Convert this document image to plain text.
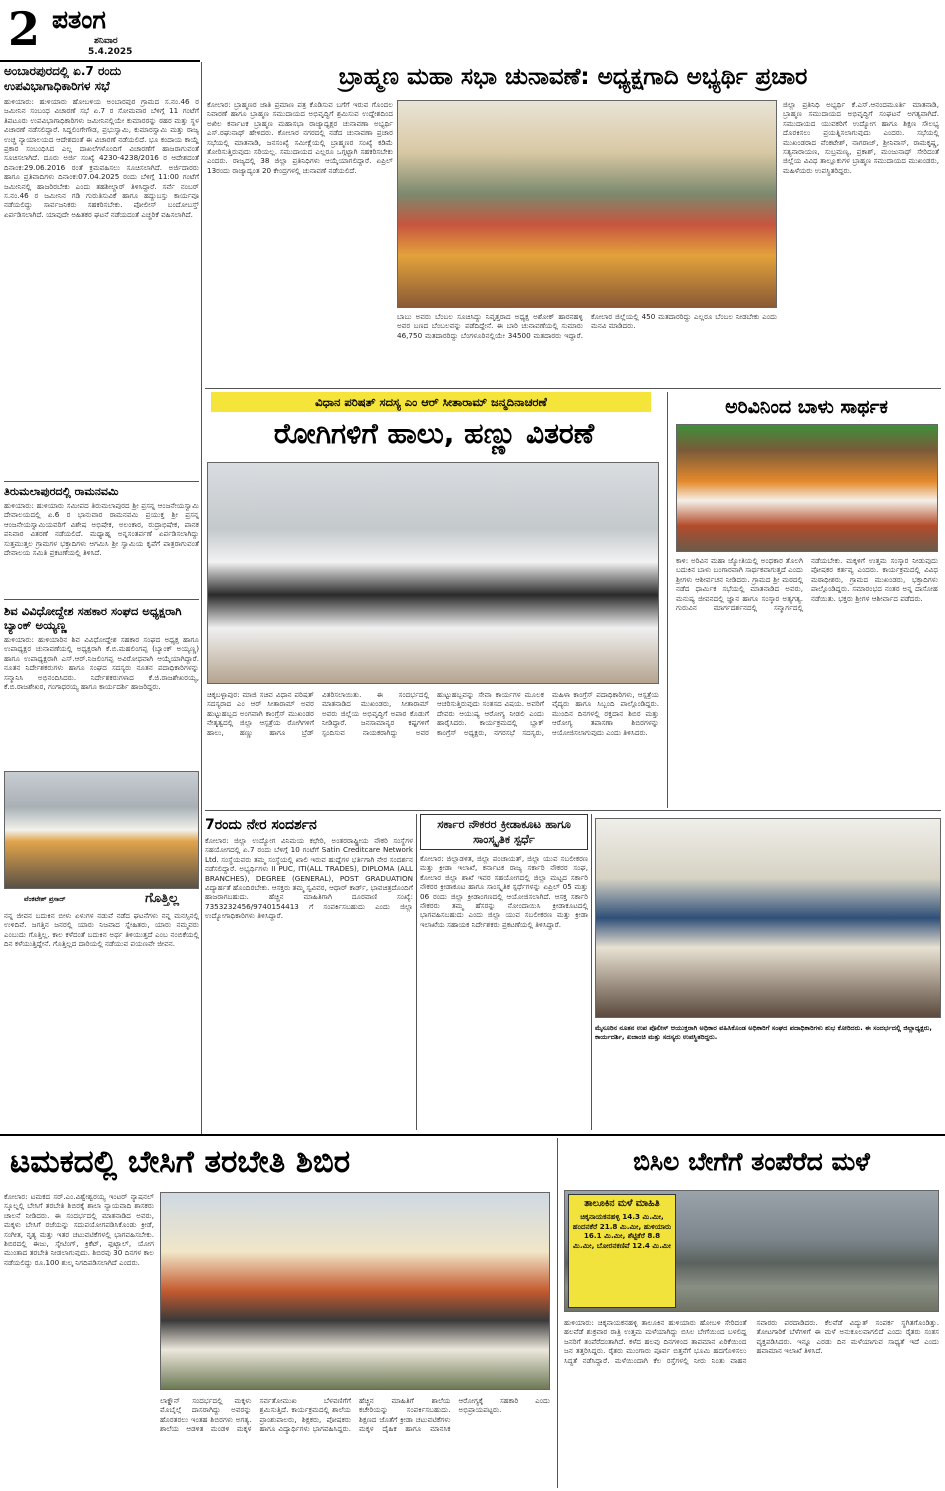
2 ಪತಂಗ
ಶನಿವಾರ
5.4.2025
ಅಂಬಾರಪುರದಲ್ಲಿ ಏ.7 ರಂದು ಉಪವಿಭಾಗಾಧಿಕಾರಿಗಳ ಸಭೆ
ಹುಳಿಯಾರು: ಹುಳಿಯಾರು ಹೋಬಳಿಯ ಅಂಬಾರಪುರ ಗ್ರಾಮದ ಸ.ನಂ.46 ರ ಜಮೀನಿನ ಸಂಬಂಧ ವಿಚಾರಣೆ ಸಭೆ ಏ.7 ರ ಸೋಮವಾರ ಬೆಳಿಗ್ಗೆ 11 ಗಂಟೆಗೆ ತಿಪಟೂರು ಉಪವಿಭಾಗಾಧಿಕಾರಿಗಳು ಜಮೀನಿನಲ್ಲಿಯೇ ಕುಮಾರರನ್ನು ಠಹರ ಮತ್ತು ಸ್ಥಳ ವಿಚಾರಣೆ ನಡೆಸಲಿದ್ದಾರೆ. ಸಿದ್ದಲಿಂಗೇಗೌಡ, ಪ್ರಭುಸ್ವಾಮಿ, ಕುಮಾರಸ್ವಾಮಿ ಮತ್ತು ರಾಜ್ಯ ಉಚ್ಚ ನ್ಯಾಯಾಲಯದ ಆದೇಶದಂತೆ ಈ ವಿಚಾರಣೆ ನಡೆಯಲಿದೆ. ಭೂ ಕಂದಾಯ ಕಾಯ್ದೆ ಪ್ರಕಾರ ಸಂಬಂಧಿಸಿದ ಎಲ್ಲ ದಾಖಲೆಗಳೊಂದಿಗೆ ವಿಚಾರಣೆಗೆ ಹಾಜರಾಗುವಂತೆ ಸೂಚಿಸಲಾಗಿದೆ. ದೂರು ಅರ್ಜಿ ಸಂಖ್ಯೆ 4230-4238/2016 ರ ಆದೇಶದಂತೆ ದಿನಾಂಕ:29.06.2016 ರಂತೆ ಕ್ರಮವಹಿಸಲು ಸೂಚಿಸಲಾಗಿದೆ. ಅರ್ಜಿದಾರರು ಹಾಗೂ ಪ್ರತಿವಾದಿಗಳು ದಿನಾಂಕ:07.04.2025 ರಂದು ಬೆಳಿಗ್ಗೆ 11:00 ಗಂಟೆಗೆ ಜಮೀನಿನಲ್ಲಿ ಹಾಜರಿರಬೇಕು ಎಂದು ತಹಶೀಲ್ದಾರ್ ತಿಳಿಸಿದ್ದಾರೆ. ಸರ್ವೆ ನಂಬರ್ ಸ.ನಂ.46 ರ ಜಮೀನಿನ ಗಡಿ ಗುರುತಿಸುವಿಕೆ ಹಾಗೂ ಹದ್ದುಬಸ್ತು ಕಾರ್ಯವೂ ನಡೆಯಲಿದ್ದು ಸಾರ್ವಜನಿಕರು ಸಹಕರಿಸಬೇಕು. ಪೋಲೀಸ್ ಬಂದೋಬಸ್ತ್ ಏರ್ಪಡಿಸಲಾಗಿದೆ. ಯಾವುದೇ ಅಹಿತಕರ ಘಟನೆ ನಡೆಯದಂತೆ ಎಚ್ಚರಿಕೆ ವಹಿಸಲಾಗಿದೆ.
ತಿರುಮಲಾಪುರದಲ್ಲಿ ರಾಮನವಮಿ
ಹುಳಿಯಾರು: ಹುಳಿಯಾರು ಸಮೀಪದ ತಿರುಮಲಾಪುರದ ಶ್ರೀ ಪ್ರಸನ್ನ ಆಂಜನೇಯಸ್ವಾಮಿ ದೇವಾಲಯದಲ್ಲಿ ಏ.6 ರ ಭಾನುವಾರ ರಾಮನವಮಿ ಪ್ರಯುಕ್ತ ಶ್ರೀ ಪ್ರಸನ್ನ ಆಂಜನೇಯಸ್ವಾಮಿಯವರಿಗೆ ವಿಶೇಷ ಅಭಿಷೇಕ, ಅಲಂಕಾರ, ರುದ್ರಾಭಿಷೇಕ, ಪಾನಕ ಪನಿವಾರ ವಿತರಣೆ ನಡೆಯಲಿದೆ. ಮಧ್ಯಾಹ್ನ ಅನ್ನಸಂತರ್ಪಣೆ ಏರ್ಪಡಿಸಲಾಗಿದ್ದು ಸುತ್ತಮುತ್ತಲ ಗ್ರಾಮಗಳ ಭಕ್ತಾದಿಗಳು ಆಗಮಿಸಿ ಶ್ರೀ ಸ್ವಾಮಿಯ ಕೃಪೆಗೆ ಪಾತ್ರರಾಗುವಂತೆ ದೇವಾಲಯ ಸಮಿತಿ ಪ್ರಕಟಣೆಯಲ್ಲಿ ತಿಳಿಸಿದೆ.
ಶಿವ ವಿವಿಧೋದ್ದೇಶ ಸಹಕಾರ ಸಂಘದ ಅಧ್ಯಕ್ಷರಾಗಿ ಬ್ಯಾಂಕ್ ಅಯ್ಯಣ್ಣ
ಹುಳಿಯಾರು: ಹುಳಿಯಾರಿನ ಶಿವ ವಿವಿಧೋದ್ದೇಶ ಸಹಕಾರ ಸಂಘದ ಅಧ್ಯಕ್ಷ ಹಾಗೂ ಉಪಾಧ್ಯಕ್ಷರ ಚುನಾವಣೆಯಲ್ಲಿ ಅಧ್ಯಕ್ಷರಾಗಿ ಕೆ.ಬಿ.ಮಹಲಿಂಗಪ್ಪ (ಬ್ಯಾಂಕ್ ಅಯ್ಯಣ್ಣ) ಹಾಗೂ ಉಪಾಧ್ಯಕ್ಷರಾಗಿ ಎಸ್.ಆರ್.ನಿಜಲಿಂಗಪ್ಪ ಅವಿರೋಧವಾಗಿ ಆಯ್ಕೆಯಾಗಿದ್ದಾರೆ. ನೂತನ ನಿರ್ದೇಶಕರುಗಳು ಹಾಗೂ ಸಂಘದ ಸದಸ್ಯರು ನೂತನ ಪದಾಧಿಕಾರಿಗಳನ್ನು ಸನ್ಮಾನಿಸಿ ಅಭಿನಂದಿಸಿದರು. ನಿರ್ದೇಶಕರುಗಳಾದ ಕೆ.ಜಿ.ರಾಜಶೇಖರಯ್ಯ, ಕೆ.ಬಿ.ರಾಜಶೇಖರ, ಗಂಗಾಧರಯ್ಯ ಹಾಗೂ ಕಾರ್ಯದರ್ಶಿ ಹಾಜರಿದ್ದರು.
ವೆಂಕಟೇಶ್ ಪ್ರಸಾದ್	ಗೊತ್ತಿಲ್ಲ
ನನ್ನ ಜೀವನ ಬದುಕಿನ ಬೀಳು ಏಳುಗಳ ನಡುವೆ ನಡೆದ ಘಟನೆಗಳು ನನ್ನ ಮನಸ್ಸಿನಲ್ಲಿ ಉಳಿದಿವೆ. ಜಗತ್ತಿನ ಜನರಲ್ಲಿ ಯಾರು ನಿಜವಾದ ಸ್ನೇಹಿತರು, ಯಾರು ನಮ್ಮವರು ಎಂಬುದು ಗೊತ್ತಿಲ್ಲ. ಕಾಲ ಕಳೆದಂತೆ ಬದುಕಿನ ಅರ್ಥ ತಿಳಿಯುತ್ತದೆ ಎಂಬ ನಂಬಿಕೆಯಲ್ಲಿ ದಿನ ಕಳೆಯುತ್ತಿದ್ದೇನೆ. ಗೊತ್ತಿಲ್ಲದ ದಾರಿಯಲ್ಲಿ ನಡೆಯುವ ಪಯಣವೇ ಜೀವನ.
ಬ್ರಾಹ್ಮಣ ಮಹಾ ಸಭಾ ಚುನಾವಣೆ: ಅಧ್ಯಕ್ಷಗಾದಿ ಅಭ್ಯರ್ಥಿ ಪ್ರಚಾರ
ಕೋಲಾರ: ಬ್ರಾಹ್ಮಣರ ಜಾತಿ ಪ್ರಮಾಣ ಪತ್ರ ಕೊಡಿಸುವ ಬಗೆಗೆ ಇರುವ ಗೊಂದಲ ನಿವಾರಣೆ ಹಾಗೂ ಬ್ರಾಹ್ಮಣ ಸಮುದಾಯದ ಅಭಿವೃದ್ಧಿಗೆ ಶ್ರಮಿಸುವ ಉದ್ದೇಶದಿಂದ ಅಖಿಲ ಕರ್ನಾಟಕ ಬ್ರಾಹ್ಮಣ ಮಹಾಸಭಾ ರಾಜ್ಯಾಧ್ಯಕ್ಷರ ಚುನಾವಣಾ ಅಭ್ಯರ್ಥಿ ಎಸ್.ರಘುನಾಥ್ ಹೇಳಿದರು. ಕೋಲಾರ ನಗರದಲ್ಲಿ ನಡೆದ ಚುನಾವಣಾ ಪ್ರಚಾರ ಸಭೆಯಲ್ಲಿ ಮಾತನಾಡಿ, ಜನಸಂಖ್ಯೆ ಸಮೀಕ್ಷೆಯಲ್ಲಿ ಬ್ರಾಹ್ಮಣರ ಸಂಖ್ಯೆ ಕಡಿಮೆ ತೋರಿಸುತ್ತಿರುವುದು ಸರಿಯಲ್ಲ. ಸಮುದಾಯದ ಎಲ್ಲರೂ ಒಗ್ಗಟ್ಟಾಗಿ ಸಹಕರಿಸಬೇಕು ಎಂದರು. ರಾಜ್ಯದಲ್ಲಿ 38 ಜಿಲ್ಲಾ ಪ್ರತಿನಿಧಿಗಳು ಆಯ್ಕೆಯಾಗಲಿದ್ದಾರೆ. ಏಪ್ರಿಲ್ 13ರಂದು ರಾಜ್ಯಾದ್ಯಂತ 20 ಕೇಂದ್ರಗಳಲ್ಲಿ ಚುನಾವಣೆ ನಡೆಯಲಿದೆ.
ಬಾಬು ಅವರು ಬೆಂಬಲ ಸೂಚಿಸಿದ್ದು ನಿವೃತ್ತರಾದ ಅಧ್ಯಕ್ಷ ಅಶೋಕ್ ಹಾರನಹಳ್ಳಿ ಅವರ ಬಣದ ಬೆಂಬಲವನ್ನು ಪಡೆದಿದ್ದೇನೆ. ಈ ಬಾರಿ ಚುನಾವಣೆಯಲ್ಲಿ ಸುಮಾರು 46,750 ಮತದಾರರಿದ್ದು ಬೆಂಗಳೂರಿನಲ್ಲಿಯೇ 34500 ಮತದಾರರು ಇದ್ದಾರೆ. ಕೋಲಾರ ಜಿಲ್ಲೆಯಲ್ಲಿ 450 ಮತದಾರರಿದ್ದು ಎಲ್ಲರೂ ಬೆಂಬಲ ನೀಡಬೇಕು ಎಂದು ಮನವಿ ಮಾಡಿದರು.
ಜಿಲ್ಲಾ ಪ್ರತಿನಿಧಿ ಅಭ್ಯರ್ಥಿ ಕೆ.ಎಸ್.ಆನಂದಮೂರ್ತಿ ಮಾತನಾಡಿ, ಬ್ರಾಹ್ಮಣ ಸಮುದಾಯದ ಅಭಿವೃದ್ಧಿಗೆ ಸಂಘಟನೆ ಅಗತ್ಯವಾಗಿದೆ. ಸಮುದಾಯದ ಯುವಕರಿಗೆ ಉದ್ಯೋಗ ಹಾಗೂ ಶಿಕ್ಷಣ ಸೌಲಭ್ಯ ದೊರಕಿಸಲು ಪ್ರಯತ್ನಿಸಲಾಗುವುದು ಎಂದರು. ಸಭೆಯಲ್ಲಿ ಮುಖಂಡರಾದ ವೆಂಕಟೇಶ್, ನಾಗರಾಜ್, ಶ್ರೀನಿವಾಸ್, ರಾಮಕೃಷ್ಣ, ಸತ್ಯನಾರಾಯಣ, ಸುಬ್ರಮಣ್ಯ, ಪ್ರಕಾಶ್, ಮಂಜುನಾಥ್ ಸೇರಿದಂತೆ ಜಿಲ್ಲೆಯ ವಿವಿಧ ತಾಲ್ಲೂಕುಗಳ ಬ್ರಾಹ್ಮಣ ಸಮುದಾಯದ ಮುಖಂಡರು, ಮಹಿಳೆಯರು ಉಪಸ್ಥಿತರಿದ್ದರು.
ವಿಧಾನ ಪರಿಷತ್ ಸದಸ್ಯ ಎಂ ಆರ್ ಸೀತಾರಾಮ್ ಜನ್ಮದಿನಾಚರಣೆ
ರೋಗಿಗಳಿಗೆ ಹಾಲು, ಹಣ್ಣು ವಿತರಣೆ
ಚಿಕ್ಕಬಳ್ಳಾಪುರ: ಮಾಜಿ ಸಚಿವ ವಿಧಾನ ಪರಿಷತ್ ಸದಸ್ಯರಾದ ಎಂ ಆರ್ ಸೀತಾರಾಮ್ ಅವರ ಹುಟ್ಟುಹಬ್ಬದ ಅಂಗವಾಗಿ ಕಾಂಗ್ರೆಸ್ ಮುಖಂಡರ ನೇತೃತ್ವದಲ್ಲಿ ಜಿಲ್ಲಾ ಆಸ್ಪತ್ರೆಯ ರೋಗಿಗಳಿಗೆ ಹಾಲು, ಹಣ್ಣು ಹಾಗೂ ಬ್ರೆಡ್ ವಿತರಿಸಲಾಯಿತು. ಈ ಸಂದರ್ಭದಲ್ಲಿ ಮಾತನಾಡಿದ ಮುಖಂಡರು, ಸೀತಾರಾಮ್ ಅವರು ಜಿಲ್ಲೆಯ ಅಭಿವೃದ್ಧಿಗೆ ಅಪಾರ ಕೊಡುಗೆ ನೀಡಿದ್ದಾರೆ. ಜನಸಾಮಾನ್ಯರ ಕಷ್ಟಗಳಿಗೆ ಸ್ಪಂದಿಸುವ ನಾಯಕರಾಗಿದ್ದು ಅವರ ಹುಟ್ಟುಹಬ್ಬವನ್ನು ಸೇವಾ ಕಾರ್ಯಗಳ ಮೂಲಕ ಆಚರಿಸುತ್ತಿರುವುದು ಸಂತಸದ ವಿಷಯ. ಅವರಿಗೆ ದೇವರು ಆಯುಷ್ಯ ಆರೋಗ್ಯ ನೀಡಲಿ ಎಂದು ಹಾರೈಸಿದರು. ಕಾರ್ಯಕ್ರಮದಲ್ಲಿ ಬ್ಲಾಕ್ ಕಾಂಗ್ರೆಸ್ ಅಧ್ಯಕ್ಷರು, ನಗರಸಭೆ ಸದಸ್ಯರು, ಮಹಿಳಾ ಕಾಂಗ್ರೆಸ್ ಪದಾಧಿಕಾರಿಗಳು, ಆಸ್ಪತ್ರೆಯ ವೈದ್ಯರು ಹಾಗೂ ಸಿಬ್ಬಂದಿ ಪಾಲ್ಗೊಂಡಿದ್ದರು. ಮುಂದಿನ ದಿನಗಳಲ್ಲಿ ರಕ್ತದಾನ ಶಿಬಿರ ಮತ್ತು ಆರೋಗ್ಯ ತಪಾಸಣಾ ಶಿಬಿರಗಳನ್ನು ಆಯೋಜಿಸಲಾಗುವುದು ಎಂದು ತಿಳಿಸಿದರು.
ಅರಿವಿನಿಂದ ಬಾಳು ಸಾರ್ಥಕ
ಕಾಳಿ: ಅರಿವಿನ ಮಹಾ ಜ್ಯೋತಿಯಲ್ಲಿ ಅಂಧಕಾರ ತೊಲಗಿ ಬದುಕಿನ ಬಾಳು ಬಂಗಾರವಾಗಿ ಸಾರ್ಥಕವಾಗುತ್ತದೆ ಎಂದು ಶ್ರೀಗಳು ಆಶೀರ್ವಚನ ನೀಡಿದರು. ಗ್ರಾಮದ ಶ್ರೀ ಮಠದಲ್ಲಿ ನಡೆದ ಧಾರ್ಮಿಕ ಸಭೆಯಲ್ಲಿ ಮಾತನಾಡಿದ ಅವರು, ಮನುಷ್ಯ ಜೀವನದಲ್ಲಿ ಜ್ಞಾನ ಹಾಗೂ ಸಂಸ್ಕಾರ ಅತ್ಯಗತ್ಯ. ಗುರುವಿನ ಮಾರ್ಗದರ್ಶನದಲ್ಲಿ ಸನ್ಮಾರ್ಗದಲ್ಲಿ ನಡೆಯಬೇಕು. ಮಕ್ಕಳಿಗೆ ಉತ್ತಮ ಸಂಸ್ಕಾರ ನೀಡುವುದು ಪೋಷಕರ ಕರ್ತವ್ಯ ಎಂದರು. ಕಾರ್ಯಕ್ರಮದಲ್ಲಿ ವಿವಿಧ ಮಠಾಧೀಶರು, ಗ್ರಾಮದ ಮುಖಂಡರು, ಭಕ್ತಾದಿಗಳು ಪಾಲ್ಗೊಂಡಿದ್ದರು. ಸಮಾರಂಭದ ನಂತರ ಅನ್ನ ದಾಸೋಹ ನಡೆಯಿತು. ಭಕ್ತರು ಶ್ರೀಗಳ ಆಶೀರ್ವಾದ ಪಡೆದರು.
7ರಂದು ನೇರ ಸಂದರ್ಶನ
ಕೋಲಾರ: ಜಿಲ್ಲಾ ಉದ್ಯೋಗ ವಿನಿಮಯ ಕಛೇರಿ, ಅಂತರರಾಷ್ಟ್ರೀಯ ನೌಕರಿ ಸಂಸ್ಥೆಗಳ ಸಹಯೋಗದಲ್ಲಿ ಏ.7 ರಂದು ಬೆಳಿಗ್ಗೆ 10 ಗಂಟೆಗೆ Satin Creditcare Network Ltd. ಸಂಸ್ಥೆಯವರು ತಮ್ಮ ಸಂಸ್ಥೆಯಲ್ಲಿ ಖಾಲಿ ಇರುವ ಹುದ್ದೆಗಳ ಭರ್ತಿಗಾಗಿ ನೇರ ಸಂದರ್ಶನ ನಡೆಸಲಿದ್ದಾರೆ. ಅಭ್ಯರ್ಥಿಗಳು II PUC, ITI(ALL TRADES), DIPLOMA (ALL BRANCHES), DEGREE (GENERAL), POST GRADUATION ವಿದ್ಯಾರ್ಹತೆ ಹೊಂದಿರಬೇಕು. ಆಸಕ್ತರು ತಮ್ಮ ಸ್ವವಿವರ, ಆಧಾರ್ ಕಾರ್ಡ್, ಭಾವಚಿತ್ರದೊಂದಿಗೆ ಹಾಜರಾಗಬಹುದು. ಹೆಚ್ಚಿನ ಮಾಹಿತಿಗಾಗಿ ದೂರವಾಣಿ ಸಂಖ್ಯೆ: 7353232456/9740154413 ಗೆ ಸಂಪರ್ಕಿಸಬಹುದು ಎಂದು ಜಿಲ್ಲಾ ಉದ್ಯೋಗಾಧಿಕಾರಿಗಳು ತಿಳಿಸಿದ್ದಾರೆ.
ಸರ್ಕಾರ ನೌಕರರ ಕ್ರೀಡಾಕೂಟ ಹಾಗೂ ಸಾಂಸ್ಕೃತಿಕ ಸ್ಪರ್ಧೆ
ಕೋಲಾರ: ಜಿಲ್ಲಾಡಳಿತ, ಜಿಲ್ಲಾ ಪಂಚಾಯತ್, ಜಿಲ್ಲಾ ಯುವ ಸಬಲೀಕರಣ ಮತ್ತು ಕ್ರೀಡಾ ಇಲಾಖೆ, ಕರ್ನಾಟಕ ರಾಜ್ಯ ಸರ್ಕಾರಿ ನೌಕರರ ಸಂಘ, ಕೋಲಾರ ಜಿಲ್ಲಾ ಶಾಖೆ ಇವರ ಸಹಯೋಗದಲ್ಲಿ ಜಿಲ್ಲಾ ಮಟ್ಟದ ಸರ್ಕಾರಿ ನೌಕರರ ಕ್ರೀಡಾಕೂಟ ಹಾಗೂ ಸಾಂಸ್ಕೃತಿಕ ಸ್ಪರ್ಧೆಗಳನ್ನು ಏಪ್ರಿಲ್ 05 ಮತ್ತು 06 ರಂದು ಜಿಲ್ಲಾ ಕ್ರೀಡಾಂಗಣದಲ್ಲಿ ಆಯೋಜಿಸಲಾಗಿದೆ. ಆಸಕ್ತ ಸರ್ಕಾರಿ ನೌಕರರು ತಮ್ಮ ಹೆಸರನ್ನು ನೋಂದಾಯಿಸಿ ಕ್ರೀಡಾಕೂಟದಲ್ಲಿ ಭಾಗವಹಿಸಬಹುದು ಎಂದು ಜಿಲ್ಲಾ ಯುವ ಸಬಲೀಕರಣ ಮತ್ತು ಕ್ರೀಡಾ ಇಲಾಖೆಯ ಸಹಾಯಕ ನಿರ್ದೇಶಕರು ಪ್ರಕಟಣೆಯಲ್ಲಿ ತಿಳಿಸಿದ್ದಾರೆ.
ಮೈಸೂರಿನ ನೂತನ ಉಪ ಪೊಲೀಸ್ ಆಯುಕ್ತರಾಗಿ ಅಧಿಕಾರ ವಹಿಸಿಕೊಂಡ ಅಧಿಕಾರಿಗೆ ಸಂಘದ ಪದಾಧಿಕಾರಿಗಳು ಶುಭ ಕೋರಿದರು. ಈ ಸಂದರ್ಭದಲ್ಲಿ ಜಿಲ್ಲಾಧ್ಯಕ್ಷರು, ಕಾರ್ಯದರ್ಶಿ, ಖಜಾಂಚಿ ಮತ್ತು ಸದಸ್ಯರು ಉಪಸ್ಥಿತರಿದ್ದರು.
ಟಮಕದಲ್ಲಿ ಬೇಸಿಗೆ ತರಬೇತಿ ಶಿಬಿರ
ಕೋಲಾರ: ಟಮಕದ ಸರ್.ಎಂ.ವಿಶ್ವೇಶ್ವರಯ್ಯ ಇಂಟರ್ ನ್ಯಾಷನಲ್ ಸ್ಕೂಲ್ನಲ್ಲಿ ಬೇಸಿಗೆ ತರಬೇತಿ ಶಿಬಿರಕ್ಕೆ ಶಾಲಾ ನ್ಯಾಯವಾದಿ ಶಾಸಕರು ಚಾಲನೆ ನೀಡಿದರು. ಈ ಸಂದರ್ಭದಲ್ಲಿ ಮಾತನಾಡಿದ ಅವರು, ಮಕ್ಕಳು ಬೇಸಿಗೆ ರಜೆಯನ್ನು ಸದುಪಯೋಗಪಡಿಸಿಕೊಂಡು ಕ್ರೀಡೆ, ಸಂಗೀತ, ನೃತ್ಯ ಮತ್ತು ಇತರ ಚಟುವಟಿಕೆಗಳಲ್ಲಿ ಭಾಗವಹಿಸಬೇಕು. ಶಿಬಿರದಲ್ಲಿ ಈಜು, ಸ್ಕೇಟಿಂಗ್, ಕ್ರಿಕೆಟ್, ಫುಟ್ಬಾಲ್, ಯೋಗ ಮುಂತಾದ ತರಬೇತಿ ನೀಡಲಾಗುವುದು. ಶಿಬಿರವು 30 ದಿನಗಳ ಕಾಲ ನಡೆಯಲಿದ್ದು ರೂ.100 ಶುಲ್ಕ ನಿಗದಿಪಡಿಸಲಾಗಿದೆ ಎಂದರು.
ಲಾಕ್ಡೌನ್ ಸಂದರ್ಭದಲ್ಲಿ ಮಕ್ಕಳು ಮೊಬೈಲ್ಗೆ ದಾಸರಾಗಿದ್ದು ಅವರನ್ನು ಹೊರತರಲು ಇಂತಹ ಶಿಬಿರಗಳು ಅಗತ್ಯ. ಶಾಲೆಯ ಆಡಳಿತ ಮಂಡಳಿ ಮಕ್ಕಳ ಸರ್ವತೋಮುಖ ಬೆಳವಣಿಗೆಗೆ ಶ್ರಮಿಸುತ್ತಿದೆ. ಕಾರ್ಯಕ್ರಮದಲ್ಲಿ ಶಾಲೆಯ ಪ್ರಾಂಶುಪಾಲರು, ಶಿಕ್ಷಕರು, ಪೋಷಕರು ಹಾಗೂ ವಿದ್ಯಾರ್ಥಿಗಳು ಭಾಗವಹಿಸಿದ್ದರು. ಹೆಚ್ಚಿನ ಮಾಹಿತಿಗೆ ಶಾಲೆಯ ಕಚೇರಿಯನ್ನು ಸಂಪರ್ಕಿಸಬಹುದು. ಶಿಕ್ಷಣದ ಜೊತೆಗೆ ಕ್ರೀಡಾ ಚಟುವಟಿಕೆಗಳು ಮಕ್ಕಳ ದೈಹಿಕ ಹಾಗೂ ಮಾನಸಿಕ ಆರೋಗ್ಯಕ್ಕೆ ಸಹಕಾರಿ ಎಂದು ಅಭಿಪ್ರಾಯಪಟ್ಟರು.
ಬಿಸಿಲ ಬೇಗೆಗೆ ತಂಪೆರೆದ ಮಳೆ
ತಾಲೂಕಿನ ಮಳೆ ಮಾಹಿತಿ
ಚಿಕ್ಕನಾಯಕನಹಳ್ಳಿ 14.3 ಮಿ.ಮೀ, ಹಂದನಕೆರೆ 21.8 ಮಿ.ಮೀ, ಹುಳಿಯಾರು 16.1 ಮಿ.ಮೀ, ಶೆಟ್ಟಿಕೆರೆ 8.8 ಮಿ.ಮೀ, ಬೋರನಕಣಿವೆ 12.4 ಮಿ.ಮೀ
ಹುಳಿಯಾರು: ಚಿಕ್ಕನಾಯಕನಹಳ್ಳಿ ತಾಲೂಕಿನ ಹುಳಿಯಾರು ಹೋಬಳಿ ಸೇರಿದಂತೆ ಹಲವೆಡೆ ಶುಕ್ರವಾರ ರಾತ್ರಿ ಉತ್ತಮ ಮಳೆಯಾಗಿದ್ದು ಬಿಸಿಲ ಬೇಗೆಯಿಂದ ಬಳಲಿದ್ದ ಜನರಿಗೆ ತಂಪೆರೆದಂತಾಗಿದೆ. ಕಳೆದ ಹಲವು ದಿನಗಳಿಂದ ತಾಪಮಾನ ಏರಿಕೆಯಿಂದ ಜನ ತತ್ತರಿಸಿದ್ದರು. ರೈತರು ಮುಂಗಾರು ಪೂರ್ವ ಬಿತ್ತನೆಗೆ ಭೂಮಿ ಹದಗೊಳಿಸಲು ಸಿದ್ಧತೆ ನಡೆಸಿದ್ದಾರೆ. ಮಳೆಯಿಂದಾಗಿ ಕೆಲ ರಸ್ತೆಗಳಲ್ಲಿ ನೀರು ನಿಂತು ವಾಹನ ಸವಾರರು ಪರದಾಡಿದರು. ಕೆಲವೆಡೆ ವಿದ್ಯುತ್ ಸಂಪರ್ಕ ಸ್ಥಗಿತಗೊಂಡಿತ್ತು. ತೋಟಗಾರಿಕೆ ಬೆಳೆಗಳಿಗೆ ಈ ಮಳೆ ಅನುಕೂಲವಾಗಲಿದೆ ಎಂದು ರೈತರು ಸಂತಸ ವ್ಯಕ್ತಪಡಿಸಿದರು. ಇನ್ನೂ ಎರಡು ದಿನ ಮಳೆಯಾಗುವ ಸಾಧ್ಯತೆ ಇದೆ ಎಂದು ಹವಾಮಾನ ಇಲಾಖೆ ತಿಳಿಸಿದೆ.
